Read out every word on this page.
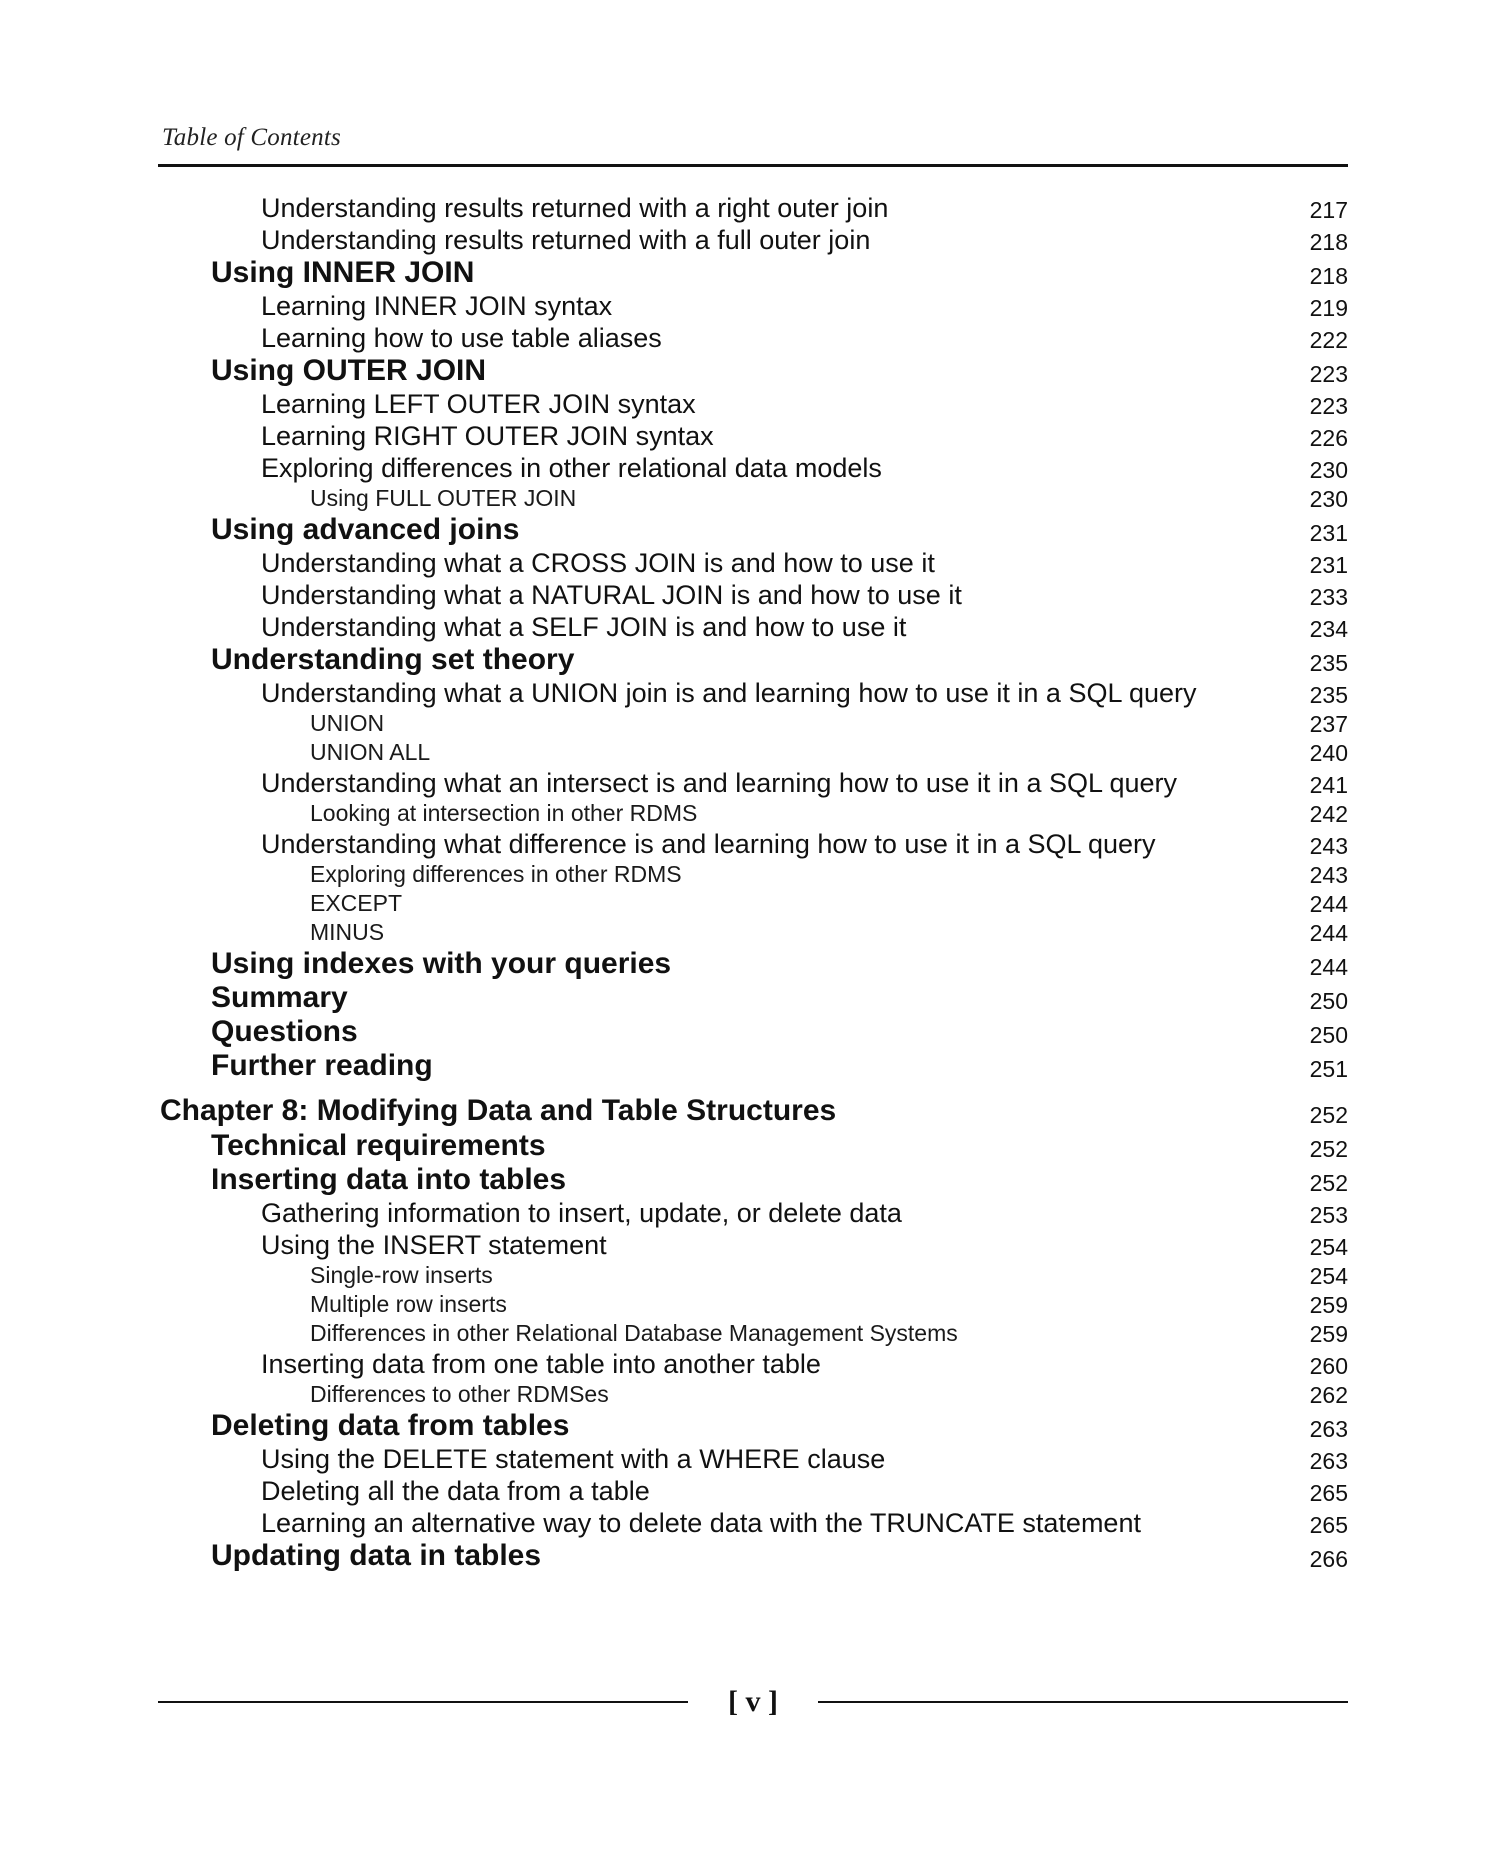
Table of Contents
Understanding results returned with a right outer join	217
Understanding results returned with a full outer join	218
Using INNER JOIN	218
Learning INNER JOIN syntax	219
Learning how to use table aliases	222
Using OUTER JOIN	223
Learning LEFT OUTER JOIN syntax	223
Learning RIGHT OUTER JOIN syntax	226
Exploring differences in other relational data models	230
Using FULL OUTER JOIN	230
Using advanced joins	231
Understanding what a CROSS JOIN is and how to use it	231
Understanding what a NATURAL JOIN is and how to use it	233
Understanding what a SELF JOIN is and how to use it	234
Understanding set theory	235
Understanding what a UNION join is and learning how to use it in a SQL query	235
UNION	237
UNION ALL	240
Understanding what an intersect is and learning how to use it in a SQL query	241
Looking at intersection in other RDMS	242
Understanding what difference is and learning how to use it in a SQL query	243
Exploring differences in other RDMS	243
EXCEPT	244
MINUS	244
Using indexes with your queries	244
Summary	250
Questions	250
Further reading	251
Chapter 8: Modifying Data and Table Structures	252
Technical requirements	252
Inserting data into tables	252
Gathering information to insert, update, or delete data	253
Using the INSERT statement	254
Single-row inserts	254
Multiple row inserts	259
Differences in other Relational Database Management Systems	259
Inserting data from one table into another table	260
Differences to other RDMSes	262
Deleting data from tables	263
Using the DELETE statement with a WHERE clause	263
Deleting all the data from a table	265
Learning an alternative way to delete data with the TRUNCATE statement	265
Updating data in tables	266
[ v ]
